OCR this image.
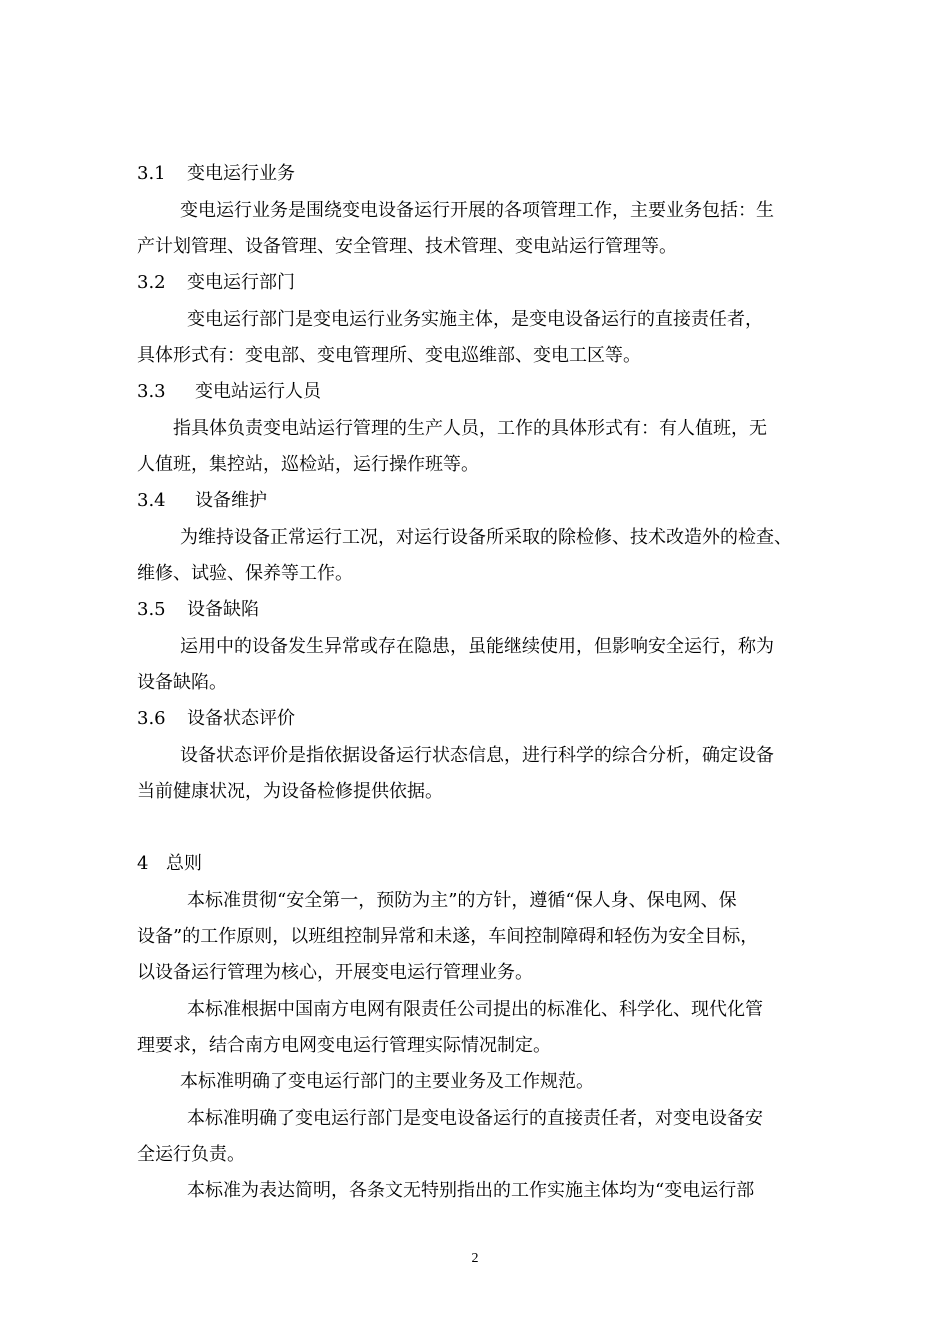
3.1 变电运行业务
变电运行业务是围绕变电设备运行开展的各项管理工作，主要业务包括：生
产计划管理、设备管理、安全管理、技术管理、变电站运行管理等。
3.2 变电运行部门
变电运行部门是变电运行业务实施主体，是变电设备运行的直接责任者，
具体形式有：变电部、变电管理所、变电巡维部、变电工区等。
3.3 变电站运行人员
指具体负责变电站运行管理的生产人员，工作的具体形式有：有人值班，无
人值班，集控站，巡检站，运行操作班等。
3.4 设备维护
为维持设备正常运行工况，对运行设备所采取的除检修、技术改造外的检查、
维修、试验、保养等工作。
3.5 设备缺陷
运用中的设备发生异常或存在隐患，虽能继续使用，但影响安全运行，称为
设备缺陷。
3.6 设备状态评价
设备状态评价是指依据设备运行状态信息，进行科学的综合分析，确定设备
当前健康状况，为设备检修提供依据。
4 总则
本标准贯彻“安全第一，预防为主”的方针，遵循“保人身、保电网、保
设备”的工作原则，以班组控制异常和未遂，车间控制障碍和轻伤为安全目标，
以设备运行管理为核心，开展变电运行管理业务。
本标准根据中国南方电网有限责任公司提出的标准化、科学化、现代化管
理要求，结合南方电网变电运行管理实际情况制定。
本标准明确了变电运行部门的主要业务及工作规范。
本标准明确了变电运行部门是变电设备运行的直接责任者，对变电设备安
全运行负责。
本标准为表达简明，各条文无特别指出的工作实施主体均为“变电运行部
2
